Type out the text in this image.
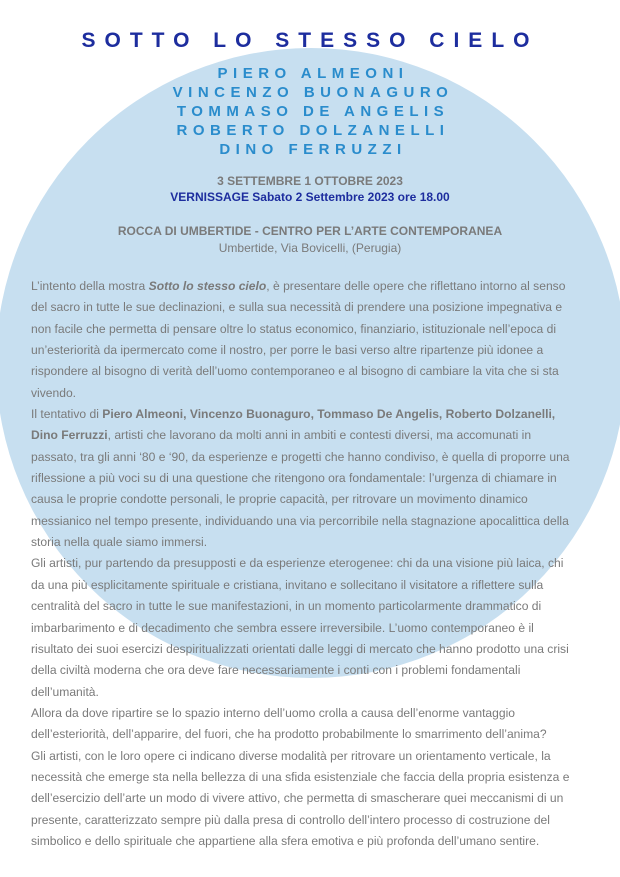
SOTTO LO STESSO CIELO
PIERO ALMEONI
VINCENZO BUONAGURO
TOMMASO DE ANGELIS
ROBERTO DOLZANELLI
DINO FERRUZZI
3 SETTEMBRE 1 OTTOBRE 2023
VERNISSAGE Sabato 2 Settembre 2023 ore 18.00
ROCCA DI UMBERTIDE - CENTRO PER L’ARTE CONTEMPORANEA
Umbertide, Via Bovicelli, (Perugia)
L’intento della mostra Sotto lo stesso cielo, è presentare delle opere che riflettano intorno al senso
del sacro in tutte le sue declinazioni, e sulla sua necessità di prendere una posizione impegnativa e
non facile che permetta di pensare oltre lo status economico, finanziario, istituzionale nell’epoca di
un’esteriorità da ipermercato come il nostro, per porre le basi verso altre ripartenze più idonee a
rispondere al bisogno di verità dell’uomo contemporaneo e al bisogno di cambiare la vita che si sta
vivendo.
Il tentativo di Piero Almeoni, Vincenzo Buonaguro, Tommaso De Angelis, Roberto Dolzanelli,
Dino Ferruzzi, artisti che lavorano da molti anni in ambiti e contesti diversi, ma accomunati in
passato, tra gli anni ‘80 e ‘90, da esperienze e progetti che hanno condiviso, è quella di proporre una
riflessione a più voci su di una questione che ritengono ora fondamentale: l’urgenza di chiamare in
causa le proprie condotte personali, le proprie capacità, per ritrovare un movimento dinamico
messianico nel tempo presente, individuando una via percorribile nella stagnazione apocalittica della
storia nella quale siamo immersi.
Gli artisti, pur partendo da presupposti e da esperienze eterogenee: chi da una visione più laica, chi
da una più esplicitamente spirituale e cristiana, invitano e sollecitano il visitatore a riflettere sulla
centralità del sacro in tutte le sue manifestazioni, in un momento particolarmente drammatico di
imbarbarimento e di decadimento che sembra essere irreversibile. L’uomo contemporaneo è il
risultato dei suoi esercizi despiritualizzati orientati dalle leggi di mercato che hanno prodotto una crisi
della civiltà moderna che ora deve fare necessariamente i conti con i problemi fondamentali
dell’umanità.
Allora da dove ripartire se lo spazio interno dell’uomo crolla a causa dell’enorme vantaggio
dell’esteriorità, dell’apparire, del fuori, che ha prodotto probabilmente lo smarrimento dell’anima?
Gli artisti, con le loro opere ci indicano diverse modalità per ritrovare un orientamento verticale, la
necessità che emerge sta nella bellezza di una sfida esistenziale che faccia della propria esistenza e
dell’esercizio dell’arte un modo di vivere attivo, che permetta di smascherare quei meccanismi di un
presente, caratterizzato sempre più dalla presa di controllo dell’intero processo di costruzione del
simbolico e dello spirituale che appartiene alla sfera emotiva e più profonda dell’umano sentire.
